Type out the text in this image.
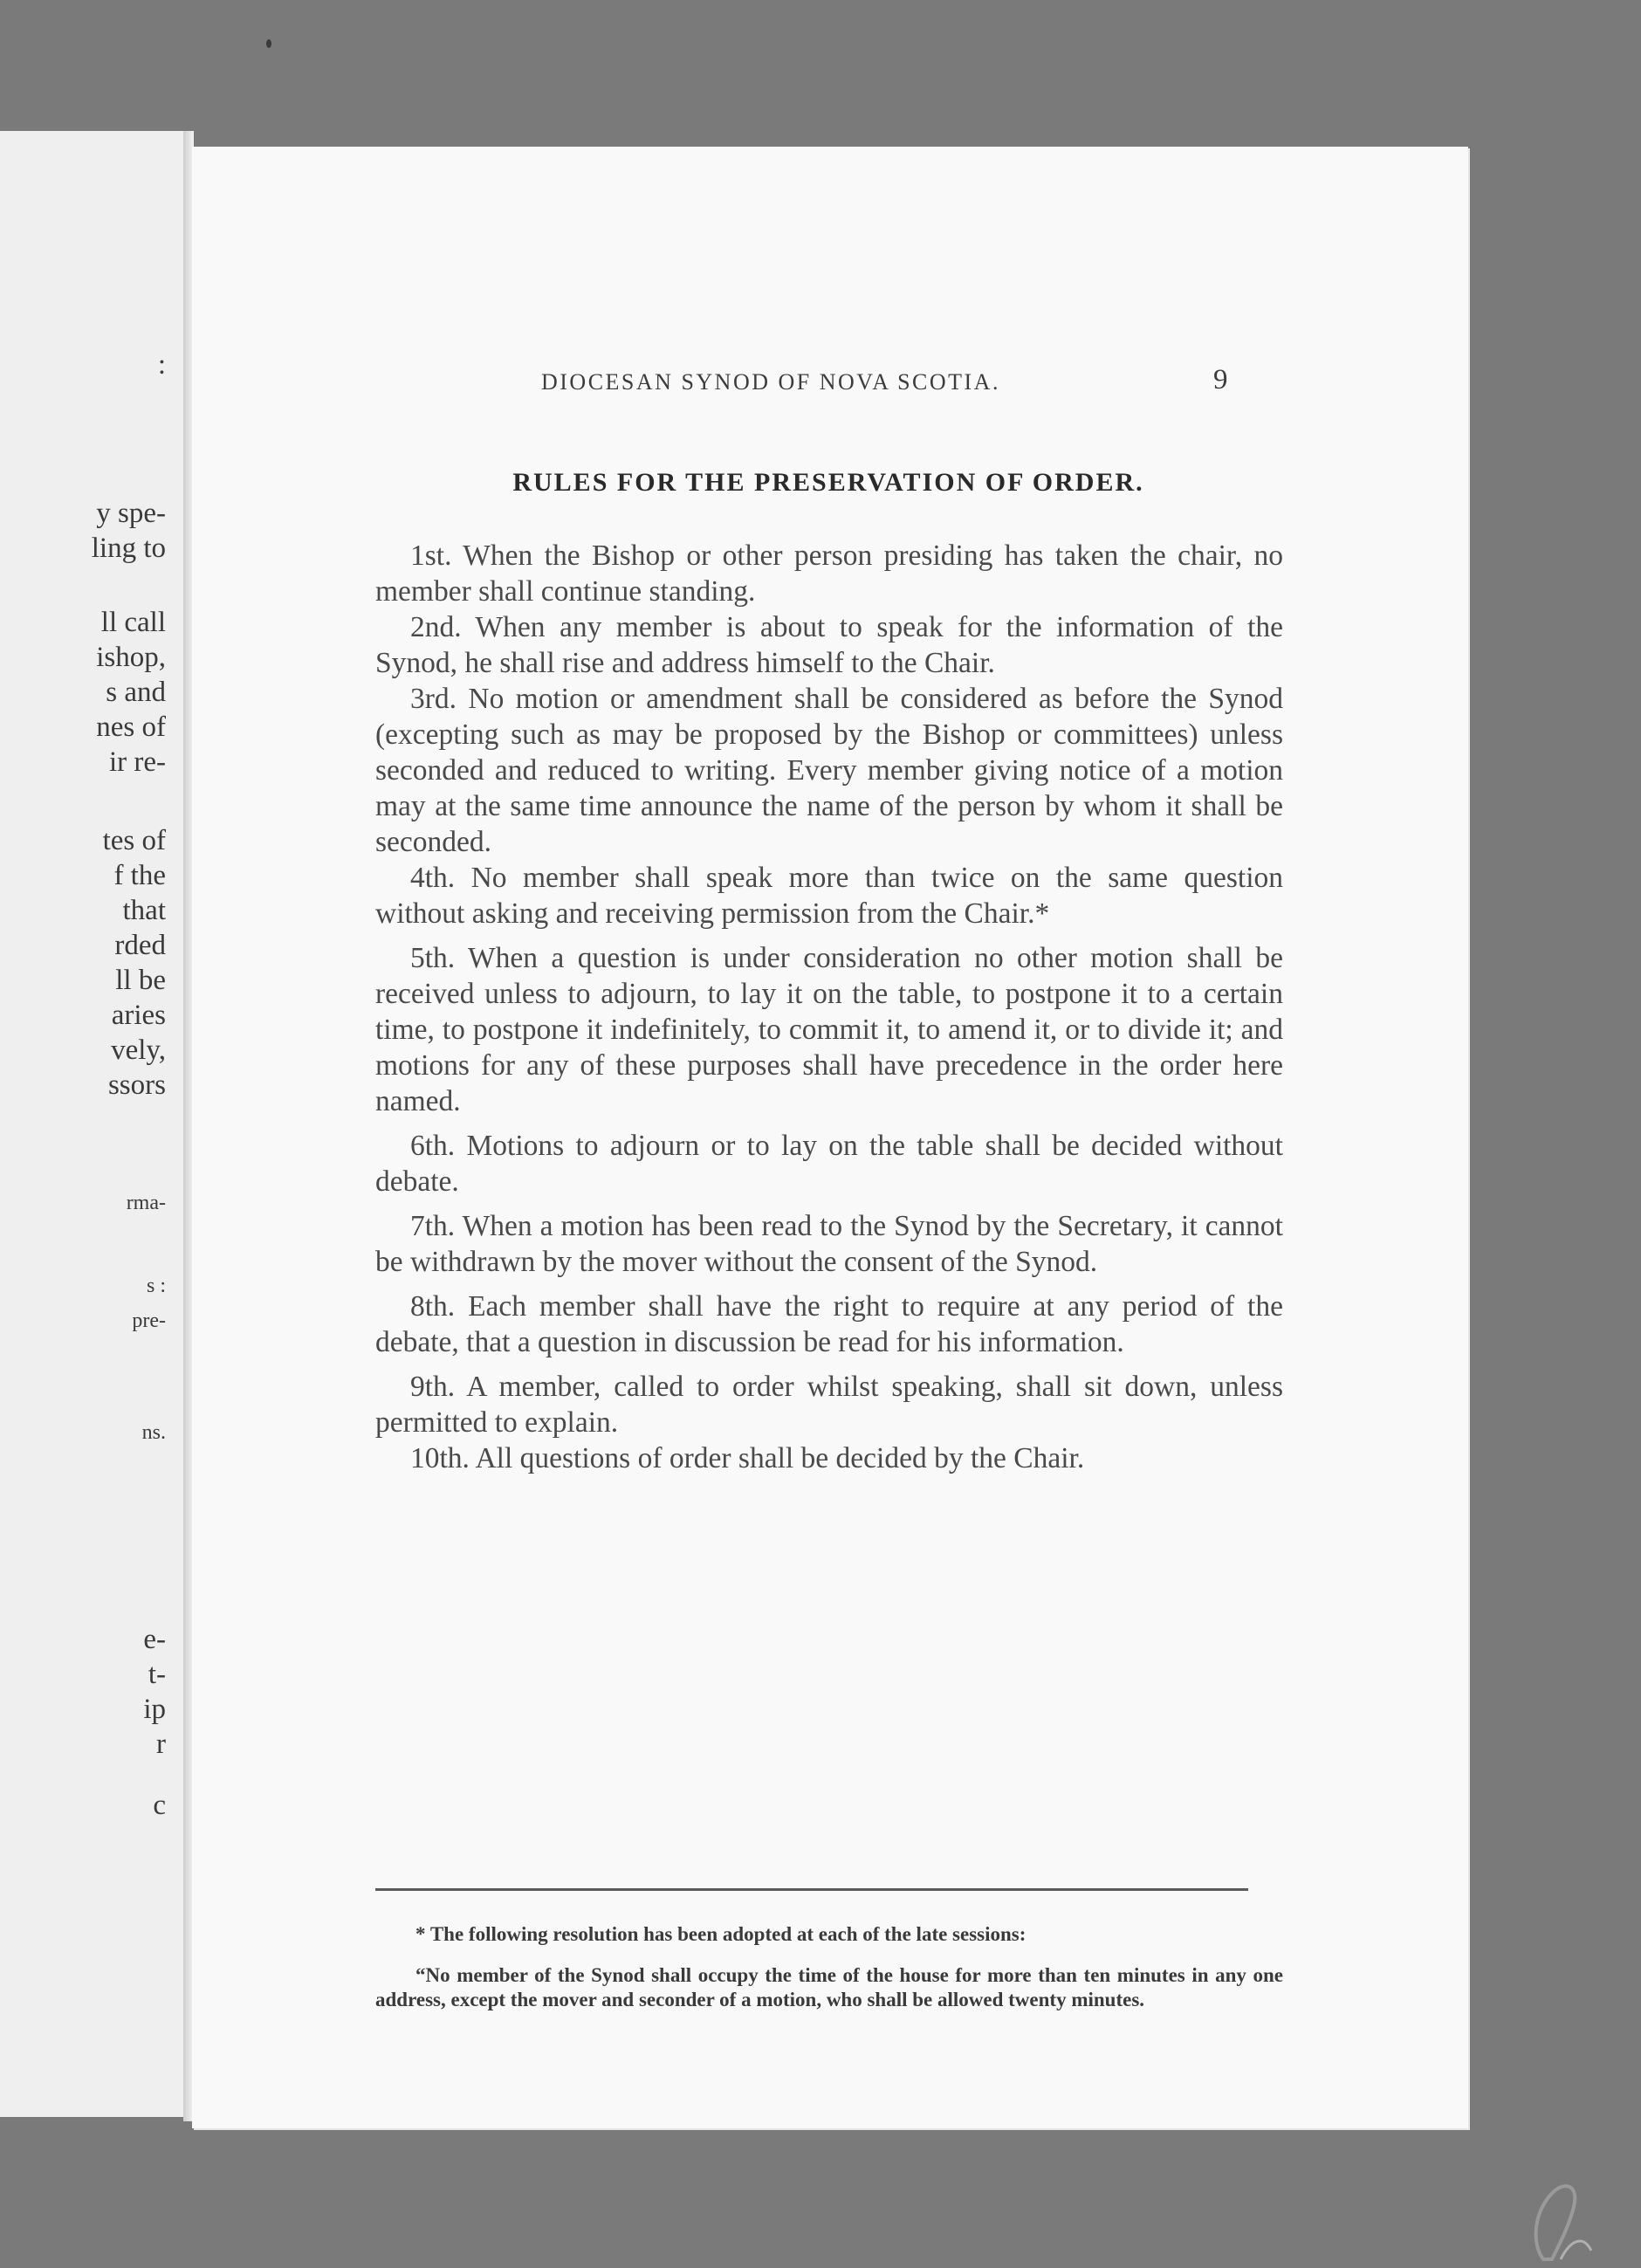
:
y spe-
ling to
ll call
ishop,
s and
nes of
ir re-
tes of
f the
that
rded
ll be
aries
vely,
ssors
rma-
s :
pre-
ns.
e-
t-
ip
r
c
DIOCESAN SYNOD OF NOVA SCOTIA.	9
RULES FOR THE PRESERVATION OF ORDER.

1st. When the Bishop or other person presiding has taken the chair, no member shall continue standing.

2nd. When any member is about to speak for the information of the Synod, he shall rise and address himself to the Chair.

3rd. No motion or amendment shall be considered as before the Synod (excepting such as may be proposed by the Bishop or committees) unless seconded and reduced to writing. Every member giving notice of a motion may at the same time announce the name of the person by whom it shall be seconded.

4th. No member shall speak more than twice on the same question without asking and receiving permission from the Chair.*

5th. When a question is under consideration no other motion shall be received unless to adjourn, to lay it on the table, to postpone it to a certain time, to postpone it indefinitely, to commit it, to amend it, or to divide it; and motions for any of these purposes shall have precedence in the order here named.

6th. Motions to adjourn or to lay on the table shall be decided without debate.

7th. When a motion has been read to the Synod by the Secretary, it cannot be withdrawn by the mover without the consent of the Synod.

8th. Each member shall have the right to require at any period of the debate, that a question in discussion be read for his information.

9th. A member, called to order whilst speaking, shall sit down, unless permitted to explain.

10th. All questions of order shall be decided by the Chair.

* The following resolution has been adopted at each of the late sessions:
“No member of the Synod shall occupy the time of the house for more than ten minutes in any one address, except the mover and seconder of a motion, who shall be allowed twenty minutes.
